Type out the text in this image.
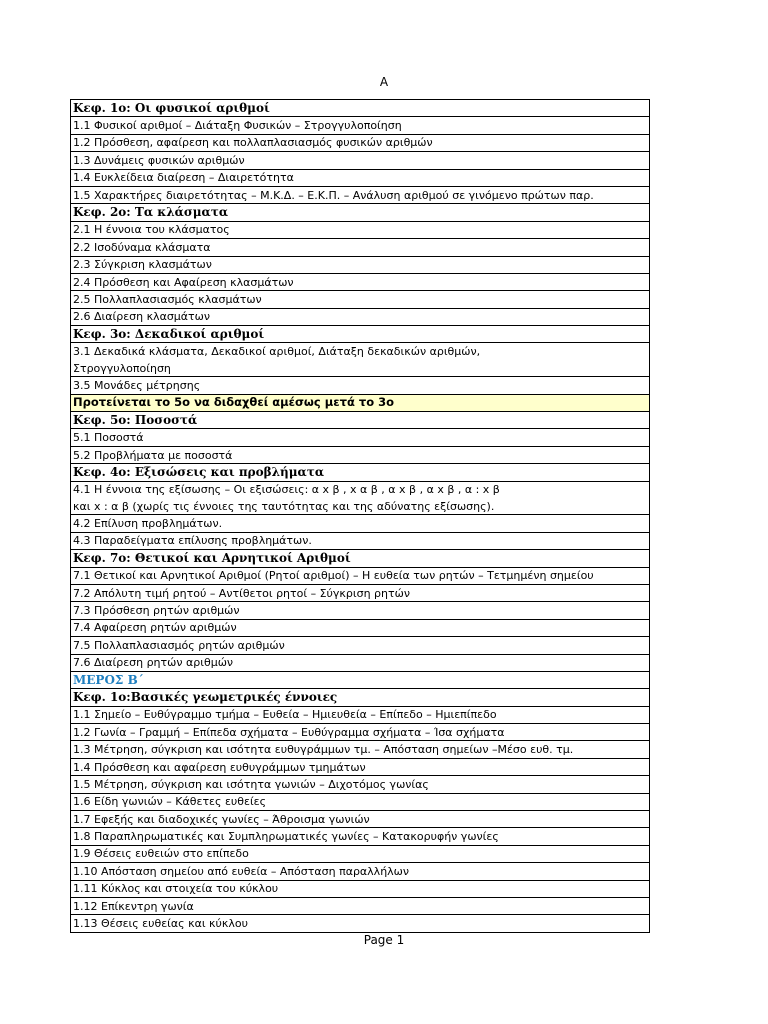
A
Κεφ. 1ο: Οι φυσικοί αριθμοί
1.1 Φυσικοί αριθμοί – Διάταξη Φυσικών – Στρογγυλοποίηση
1.2 Πρόσθεση, αφαίρεση και πολλαπλασιασμός φυσικών αριθμών
1.3 Δυνάμεις φυσικών αριθμών
1.4 Ευκλείδεια διαίρεση – Διαιρετότητα
1.5 Χαρακτήρες διαιρετότητας – Μ.Κ.Δ. – Ε.Κ.Π. – Ανάλυση αριθμού σε γινόμενο πρώτων παρ.
Κεφ. 2ο: Τα κλάσματα
2.1 Η έννοια του κλάσματος
2.2 Ισοδύναμα κλάσματα
2.3 Σύγκριση κλασμάτων
2.4 Πρόσθεση και Αφαίρεση κλασμάτων
2.5 Πολλαπλασιασμός κλασμάτων
2.6 Διαίρεση κλασμάτων
Κεφ. 3ο: Δεκαδικοί αριθμοί
3.1 Δεκαδικά κλάσματα, Δεκαδικοί αριθμοί, Διάταξη δεκαδικών αριθμών,
Στρογγυλοποίηση
3.5 Μονάδες μέτρησης
Προτείνεται το 5ο να διδαχθεί αμέσως μετά το 3ο
Κεφ. 5ο: Ποσοστά
5.1 Ποσοστά
5.2 Προβλήματα με ποσοστά
Κεφ. 4ο: Εξισώσεις και προβλήματα
4.1 Η έννοια της εξίσωσης – Οι εξισώσεις: α x β , x α β , α x β , α x β , α : x β
και x : α β (χωρίς τις έννοιες της ταυτότητας και της αδύνατης εξίσωσης).
4.2 Επίλυση προβλημάτων.
4.3 Παραδείγματα επίλυσης προβλημάτων.
Κεφ. 7ο: Θετικοί και Αρνητικοί Αριθμοί
7.1 Θετικοί και Αρνητικοί Αριθμοί (Ρητοί αριθμοί) – Η ευθεία των ρητών – Τετμημένη σημείου
7.2 Απόλυτη τιμή ρητού – Αντίθετοι ρητοί – Σύγκριση ρητών
7.3 Πρόσθεση ρητών αριθμών
7.4 Αφαίρεση ρητών αριθμών
7.5 Πολλαπλασιασμός ρητών αριθμών
7.6 Διαίρεση ρητών αριθμών
ΜΕΡΟΣ Β΄
Κεφ. 1ο:Βασικές γεωμετρικές έννοιες
1.1 Σημείο – Ευθύγραμμο τμήμα – Ευθεία – Ημιευθεία – Επίπεδο – Ημιεπίπεδο
1.2 Γωνία – Γραμμή – Επίπεδα σχήματα – Ευθύγραμμα σχήματα – Ίσα σχήματα
1.3 Μέτρηση, σύγκριση και ισότητα ευθυγράμμων τμ. – Απόσταση σημείων –Μέσο ευθ. τμ.
1.4 Πρόσθεση και αφαίρεση ευθυγράμμων τμημάτων
1.5 Μέτρηση, σύγκριση και ισότητα γωνιών – Διχοτόμος γωνίας
1.6 Είδη γωνιών – Κάθετες ευθείες
1.7 Εφεξής και διαδοχικές γωνίες – Άθροισμα γωνιών
1.8 Παραπληρωματικές και Συμπληρωματικές γωνίες – Κατακορυφήν γωνίες
1.9 Θέσεις ευθειών στο επίπεδο
1.10 Απόσταση σημείου από ευθεία – Απόσταση παραλλήλων
1.11 Κύκλος και στοιχεία του κύκλου
1.12 Επίκεντρη γωνία
1.13 Θέσεις ευθείας και κύκλου
Page 1
